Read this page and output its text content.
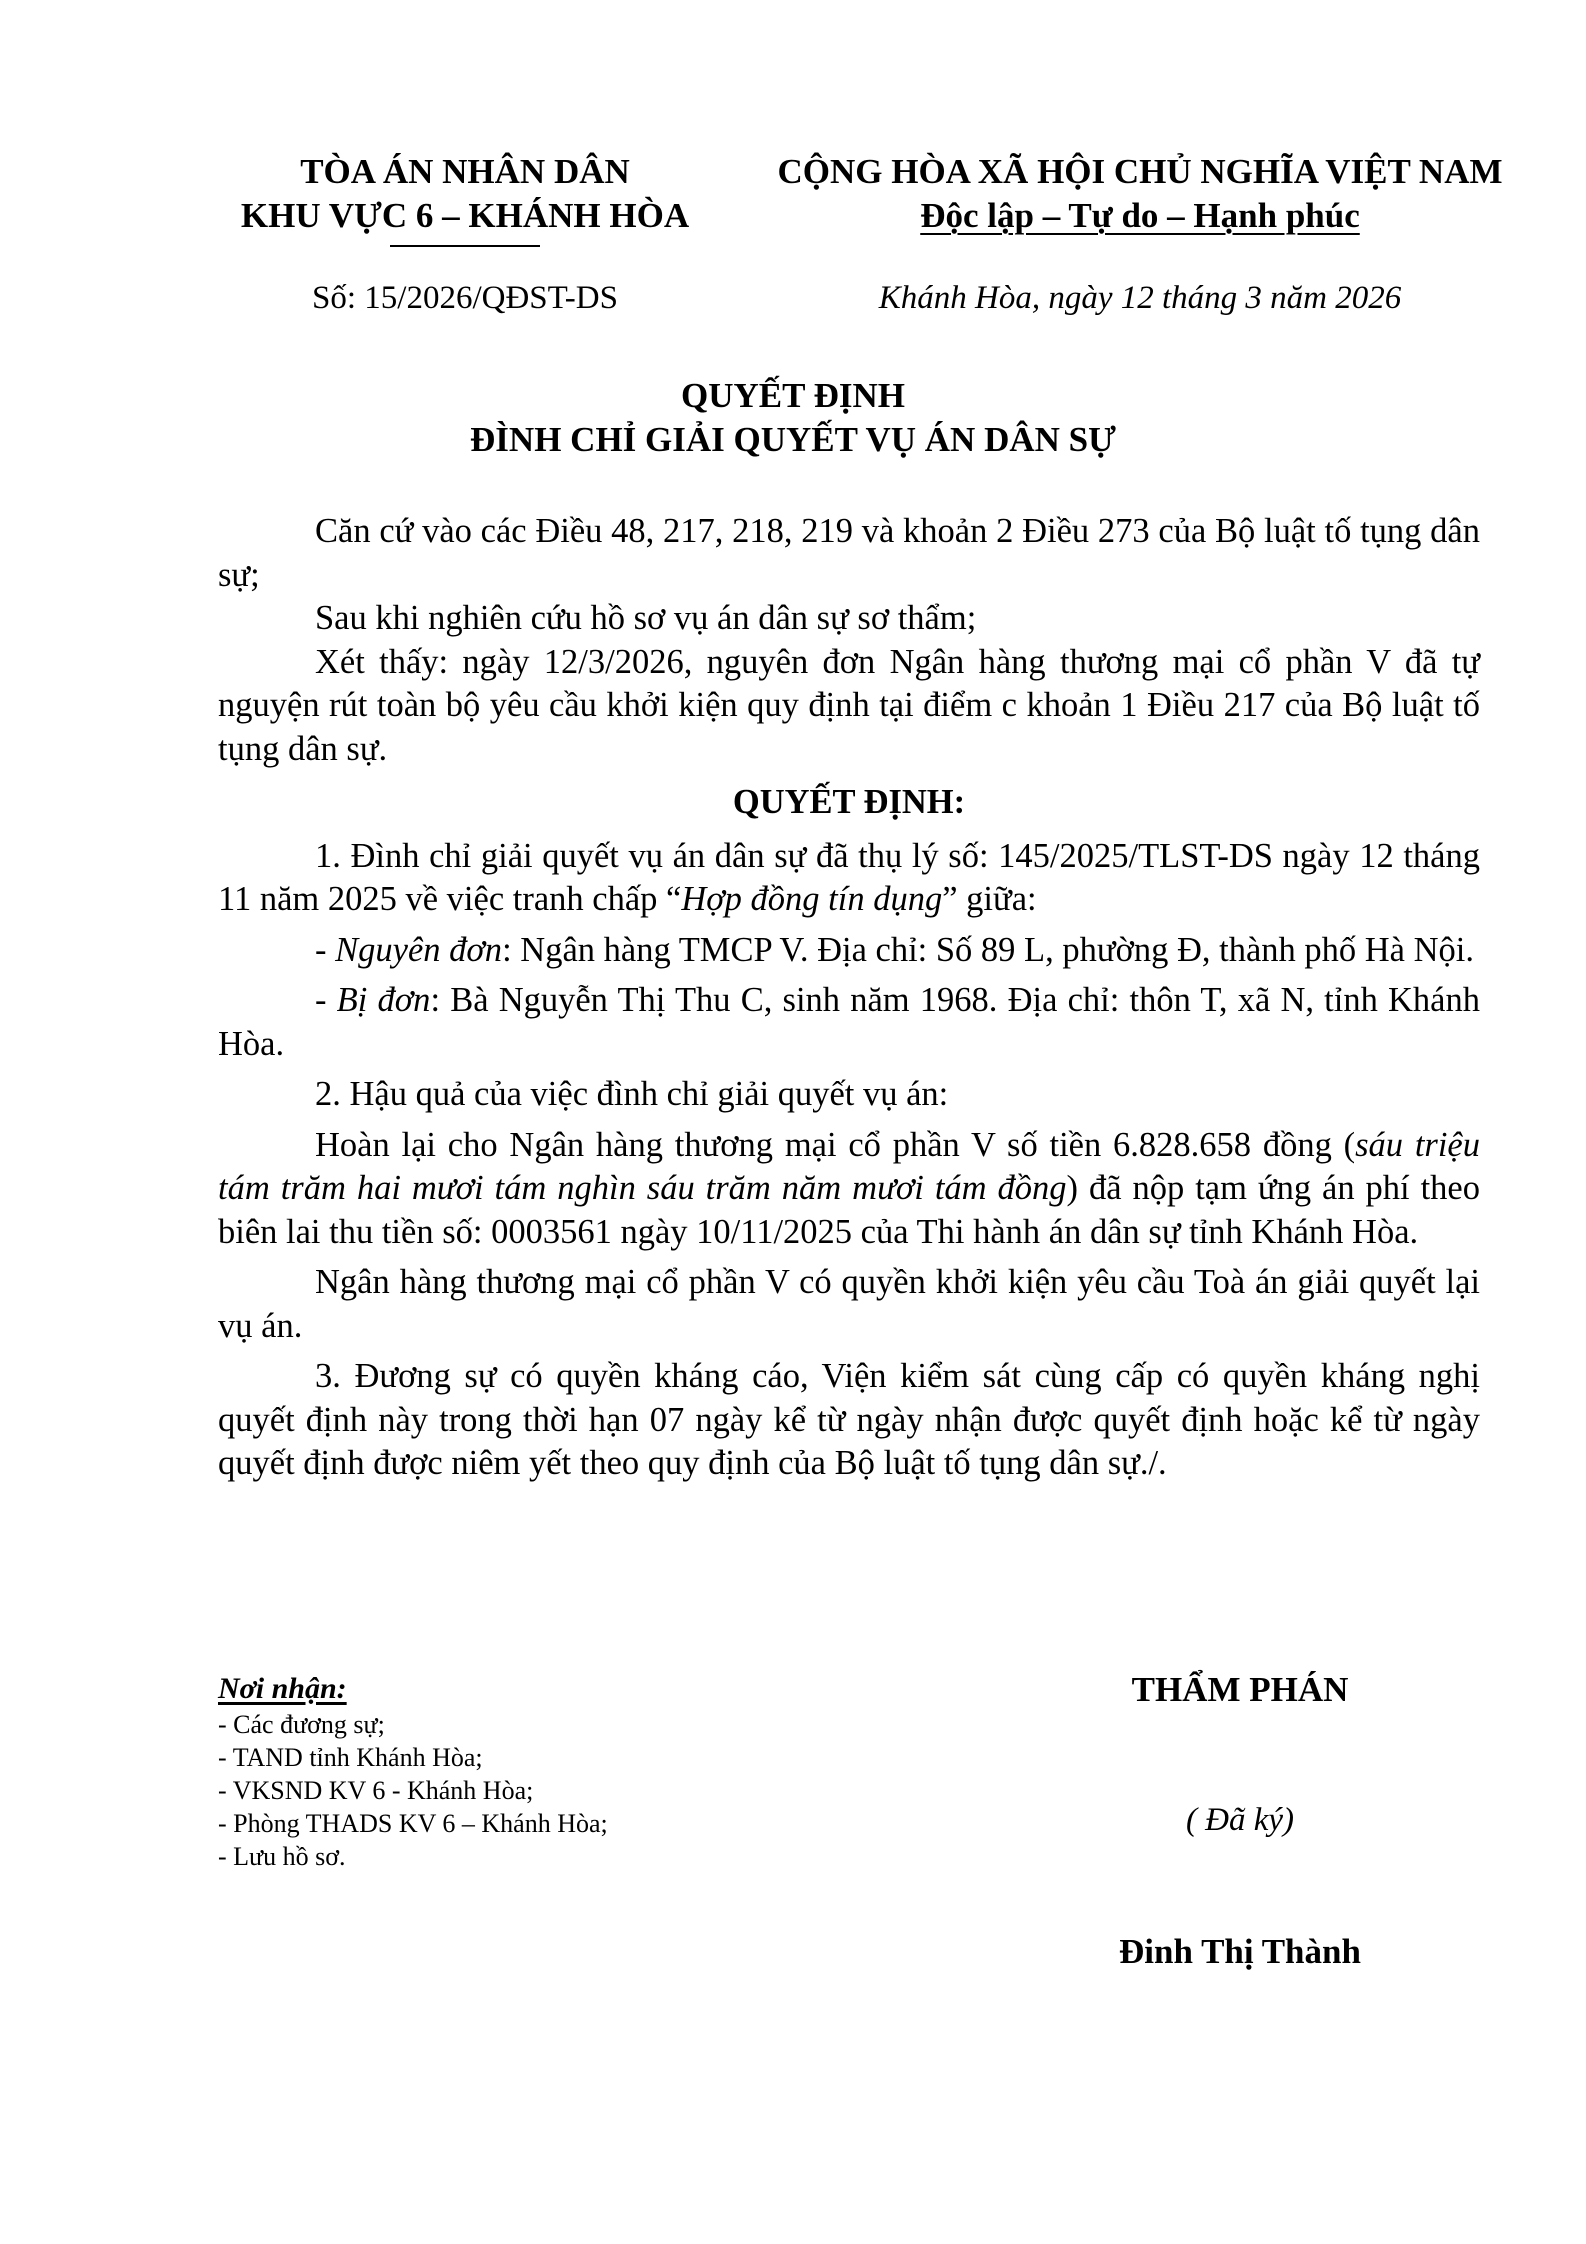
TÒA ÁN NHÂN DÂN
KHU VỰC 6 – KHÁNH HÒA
CỘNG HÒA XÃ HỘI CHỦ NGHĨA VIỆT NAM
Độc lập – Tự do – Hạnh phúc
Số: 15/2026/QĐST-DS	Khánh Hòa, ngày 12 tháng 3 năm 2026
QUYẾT ĐỊNH
ĐÌNH CHỈ GIẢI QUYẾT VỤ ÁN DÂN SỰ

Căn cứ vào các Điều 48, 217, 218, 219 và khoản 2 Điều 273 của Bộ luật tố tụng dân sự;

Sau khi nghiên cứu hồ sơ vụ án dân sự sơ thẩm;

Xét thấy: ngày 12/3/2026, nguyên đơn Ngân hàng thương mại cổ phần V đã tự nguyện rút toàn bộ yêu cầu khởi kiện quy định tại điểm c khoản 1 Điều 217 của Bộ luật tố tụng dân sự.

QUYẾT ĐỊNH:

1. Đình chỉ giải quyết vụ án dân sự đã thụ lý số: 145/2025/TLST-DS ngày 12 tháng 11 năm 2025 về việc tranh chấp “Hợp đồng tín dụng” giữa:

- Nguyên đơn: Ngân hàng TMCP V. Địa chỉ: Số 89 L, phường Đ, thành phố Hà Nội.

- Bị đơn: Bà Nguyễn Thị Thu C, sinh năm 1968. Địa chỉ: thôn T, xã N, tỉnh Khánh Hòa.

2. Hậu quả của việc đình chỉ giải quyết vụ án:

Hoàn lại cho Ngân hàng thương mại cổ phần V số tiền 6.828.658 đồng (sáu triệu tám trăm hai mươi tám nghìn sáu trăm năm mươi tám đồng) đã nộp tạm ứng án phí theo biên lai thu tiền số: 0003561 ngày 10/11/2025 của Thi hành án dân sự tỉnh Khánh Hòa.

Ngân hàng thương mại cổ phần V có quyền khởi kiện yêu cầu Toà án giải quyết lại vụ án.

3. Đương sự có quyền kháng cáo, Viện kiểm sát cùng cấp có quyền kháng nghị quyết định này trong thời hạn 07 ngày kể từ ngày nhận được quyết định hoặc kể từ ngày quyết định được niêm yết theo quy định của Bộ luật tố tụng dân sự./.

Nơi nhận:
- Các đương sự;
- TAND tỉnh Khánh Hòa;
- VKSND KV 6 - Khánh Hòa;
- Phòng THADS KV 6 – Khánh Hòa;
- Lưu hồ sơ.
THẨM PHÁN
( Đã ký)
Đinh Thị Thành
